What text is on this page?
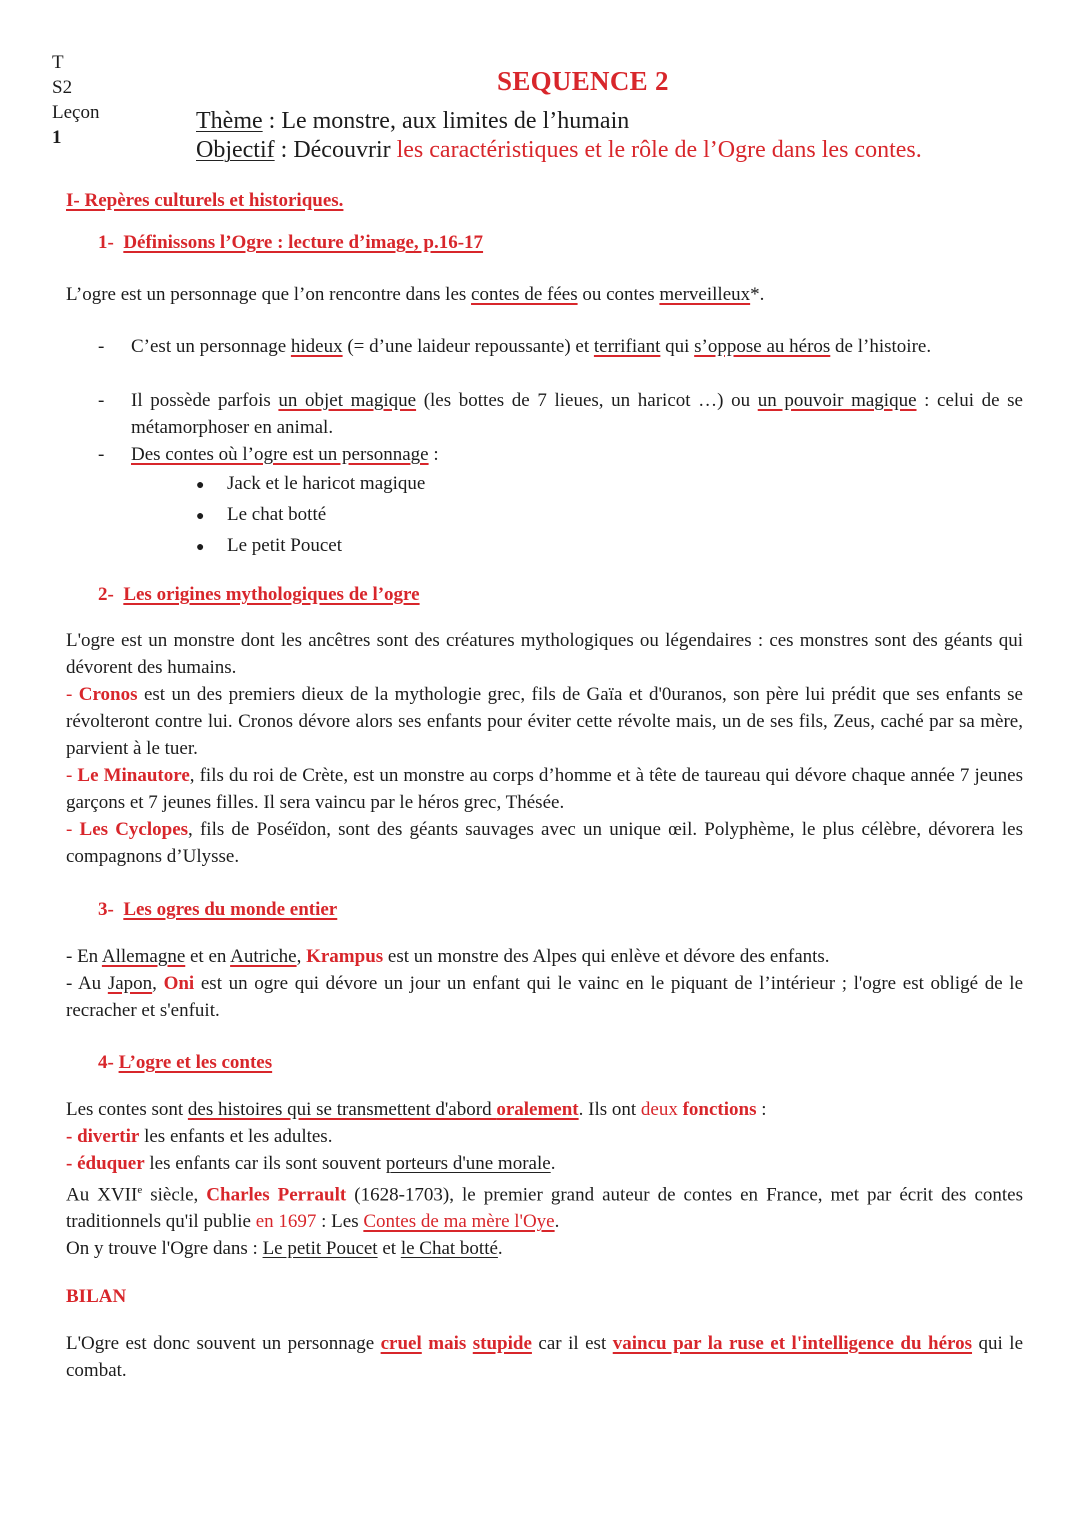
T
S2
Leçon
1
SEQUENCE 2
Thème : Le monstre, aux limites de l’humain
Objectif : Découvrir les caractéristiques et le rôle de l’Ogre dans les contes.
I- Repères culturels et historiques.
1- Définissons l’Ogre : lecture d’image, p.16-17
L’ogre est un personnage que l’on rencontre dans les contes de fées ou contes merveilleux*.
- C’est un personnage hideux (= d’une laideur repoussante) et terrifiant qui s’oppose au héros de l’histoire.
- Il possède parfois un objet magique (les bottes de 7 lieues, un haricot …) ou un pouvoir magique : celui de se métamorphoser en animal.
- Des contes où l’ogre est un personnage :
● Jack et le haricot magique
● Le chat botté
● Le petit Poucet
2- Les origines mythologiques de l’ogre
L'ogre est un monstre dont les ancêtres sont des créatures mythologiques ou légendaires : ces monstres sont des géants qui dévorent des humains.
- Cronos est un des premiers dieux de la mythologie grec, fils de Gaïa et d'0uranos, son père lui prédit que ses enfants se révolteront contre lui. Cronos dévore alors ses enfants pour éviter cette révolte mais, un de ses fils, Zeus, caché par sa mère, parvient à le tuer.
- Le Minautore, fils du roi de Crète, est un monstre au corps d’homme et à tête de taureau qui dévore chaque année 7 jeunes garçons et 7 jeunes filles. Il sera vaincu par le héros grec, Thésée.
- Les Cyclopes, fils de Poséïdon, sont des géants sauvages avec un unique œil. Polyphème, le plus célèbre, dévorera les compagnons d’Ulysse.
3- Les ogres du monde entier
- En Allemagne et en Autriche, Krampus est un monstre des Alpes qui enlève et dévore des enfants.
- Au Japon, Oni est un ogre qui dévore un jour un enfant qui le vainc en le piquant de l’intérieur ; l'ogre est obligé de le recracher et s'enfuit.
4- L’ogre et les contes
Les contes sont des histoires qui se transmettent d'abord oralement. Ils ont deux fonctions :
- divertir les enfants et les adultes.
- éduquer les enfants car ils sont souvent porteurs d'une morale.
Au XVIIe siècle, Charles Perrault (1628-1703), le premier grand auteur de contes en France, met par écrit des contes traditionnels qu'il publie en 1697 : Les Contes de ma mère l'Oye.
On y trouve l'Ogre dans : Le petit Poucet et le Chat botté.
BILAN
L'Ogre est donc souvent un personnage cruel mais stupide car il est vaincu par la ruse et l'intelligence du héros qui le combat.
